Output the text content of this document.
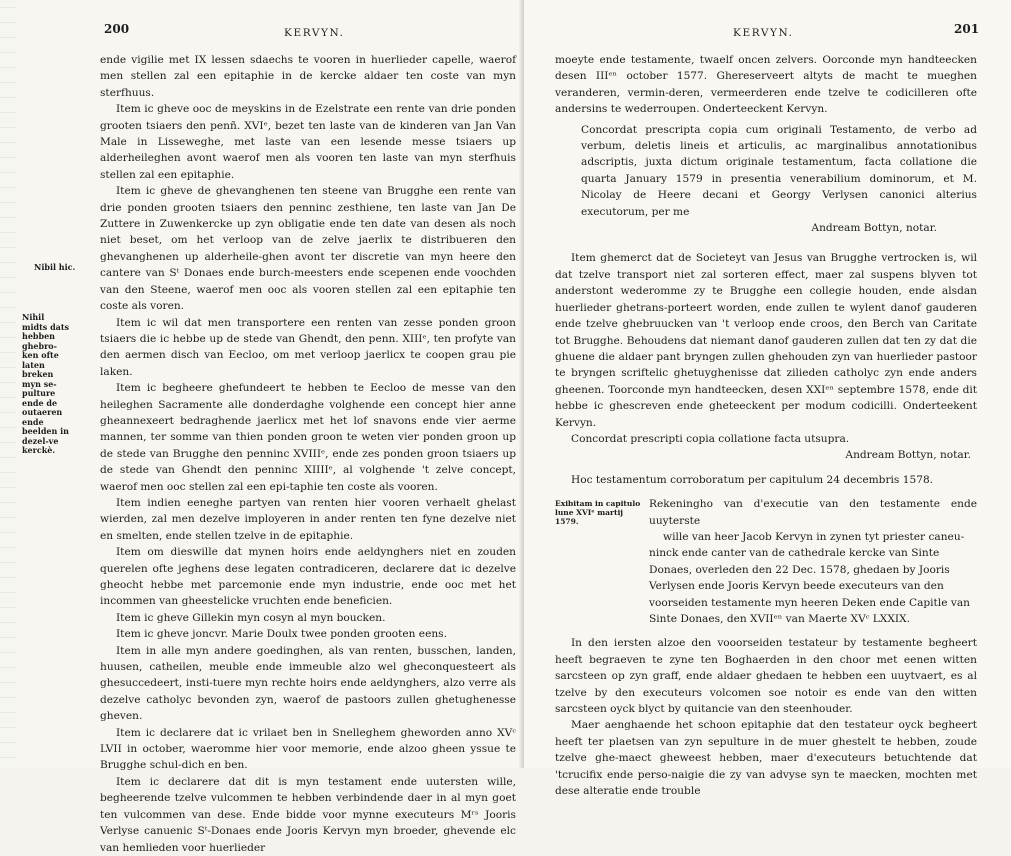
200	KERVYN.
Nibil hic.
Nihil midts dats hebben ghebro-ken ofte laten breken myn se-pulture ende de outaeren ende beelden in dezel-ve kerckè.

ende vigilie met IX lessen sdaechs te vooren in huerlieder capelle, waerof men stellen zal een epitaphie in de kercke aldaer ten coste van myn sterfhuus.

Item ic gheve ooc de meyskins in de Ezelstrate een rente van drie ponden grooten tsiaers den penñ. XVIᵉ, bezet ten laste van de kinderen van Jan Van Male in Lisseweghe, met laste van een lesende messe tsiaers up alderheileghen avont waerof men als vooren ten laste van myn sterfhuis stellen zal een epitaphie.

Item ic gheve de ghevanghenen ten steene van Brugghe een rente van drie ponden grooten tsiaers den penninc zesthiene, ten laste van Jan De Zuttere in Zuwenkercke up zyn obligatie ende ten date van desen als noch niet beset, om het verloop van de zelve jaerlix te distribueren den ghevanghenen up alderheile-ghen avont ter discretie van myn heere den cantere van Sᵗ Donaes ende burch-meesters ende scepenen ende voochden van den Steene, waerof men ooc als vooren stellen zal een epitaphie ten coste als voren.

Item ic wil dat men transportere een renten van zesse ponden groon tsiaers die ic hebbe up de stede van Ghendt, den penn. XIIIᵉ, ten profyte van den aermen disch van Eecloo, om met verloop jaerlicx te coopen grau pie laken.

Item ic begheere ghefundeert te hebben te Eecloo de messe van den heileghen Sacramente alle donderdaghe volghende een concept hier anne gheannexeert bedraghende jaerlicx met het lof snavons ende vier aerme mannen, ter somme van thien ponden groon te weten vier ponden groon up de stede van Brugghe den penninc XVIIIᵉ, ende zes ponden groon tsiaers up de stede van Ghendt den penninc XIIIIᵉ, al volghende 't zelve concept, waerof men ooc stellen zal een epi-taphie ten coste als vooren.

Item indien eeneghe partyen van renten hier vooren verhaelt ghelast wierden, zal men dezelve imployeren in ander renten ten fyne dezelve niet en smelten, ende stellen tzelve in de epitaphie.

Item om dieswille dat mynen hoirs ende aeldynghers niet en zouden querelen ofte jeghens dese legaten contradiceren, declarere dat ic dezelve gheocht hebbe met parcemonie ende myn industrie, ende ooc met het incommen van gheestelicke vruchten ende beneficien.

Item ic gheve Gillekin myn cosyn al myn boucken.

Item ic gheve joncvr. Marie Doulx twee ponden grooten eens.

Item in alle myn andere goedinghen, als van renten, busschen, landen, huusen, catheilen, meuble ende immeuble alzo wel gheconquesteert als ghesuccedeert, insti-tuere myn rechte hoirs ende aeldynghers, alzo verre als dezelve catholyc bevonden zyn, waerof de pastoors zullen ghetughenesse gheven.

Item ic declarere dat ic vrilaet ben in Snelleghem gheworden anno XVᶜ LVII in october, waeromme hier voor memorie, ende alzoo gheen yssue te Brugghe schul-dich en ben.

Item ic declarere dat dit is myn testament ende uutersten wille, begheerende tzelve vulcommen te hebben verbindende daer in al myn goet ten vulcommen van dese. Ende bidde voor mynne executeurs Mʳˢ Jooris Verlyse canuenic Sᵗ-Donaes ende Jooris Kervyn myn broeder, ghevende elc van hemlieden voor huerlieder

KERVYN.	201

moeyte ende testamente, twaelf oncen zelvers. Oorconde myn handteecken desen IIIᵉⁿ october 1577. Ghereserveert altyts de macht te mueghen veranderen, vermin-deren, vermeerderen ende tzelve te codicilleren ofte andersins te wederroupen. Onderteeckent Kervyn.

Concordat prescripta copia cum originali Testamento, de verbo ad verbum, deletis lineis et articulis, ac marginalibus annotationibus adscriptis, juxta dictum originale testamentum, facta collatione die quarta January 1579 in presentia venerabilium dominorum, et M. Nicolay de Heere decani et Georgy Verlysen canonici alterius executorum, per me

Andream Bottyn, notar.

Item ghemerct dat de Societeyt van Jesus van Brugghe vertrocken is, wil dat tzelve transport niet zal sorteren effect, maer zal suspens blyven tot anderstont wederomme zy te Brugghe een collegie houden, ende alsdan huerlieder ghetrans-porteert worden, ende zullen te wylent danof gauderen ende tzelve ghebruucken van 't verloop ende croos, den Berch van Caritate tot Brugghe. Behoudens dat niemant danof gauderen zullen dat ten zy dat die ghuene die aldaer pant bryngen zullen ghehouden zyn van huerlieder pastoor te bryngen scriftelic ghetuyghenisse dat zilieden catholyc zyn ende anders gheenen. Toorconde myn handteecken, desen XXIᵉⁿ septembre 1578, ende dit hebbe ic ghescreven ende gheteeckent per modum codicilli. Onderteekent Kervyn.

Concordat prescripti copia collatione facta utsupra.

Andream Bottyn, notar.

Hoc testamentum corroboratum per capitulum 24 decembris 1578.

Exibitam in capitulo lune XVIᵉ martij 1579.
Rekeningho van d'executie van den testamente ende uuyterste
wille van heer Jacob Kervyn in zynen tyt priester caneu-
ninck ende canter van de cathedrale kercke van Sinte
Donaes, overleden den 22 Dec. 1578, ghedaen by Jooris
Verlysen ende Jooris Kervyn beede executeurs van den
voorseiden testamente myn heeren Deken ende Capitle van
Sinte Donaes, den XVIIᵉⁿ van Maerte XVᶜ LXXIX.

In den iersten alzoe den vooorseiden testateur by testamente begheert heeft begraeven te zyne ten Boghaerden in den choor met eenen witten sarcsteen op zyn graff, ende aldaer ghedaen te hebben een uuytvaert, es al tzelve by den executeurs volcomen soe notoir es ende van den witten sarcsteen oyck blyct by quitancie van den steenhouder.

Maer aenghaende het schoon epitaphie dat den testateur oyck begheert heeft ter plaetsen van zyn sepulture in de muer ghestelt te hebben, zoude tzelve ghe-maect gheweest hebben, maer d'executeurs betuchtende dat 'tcrucifix ende perso-naigie die zy van advyse syn te maecken, mochten met dese alteratie ende trouble
